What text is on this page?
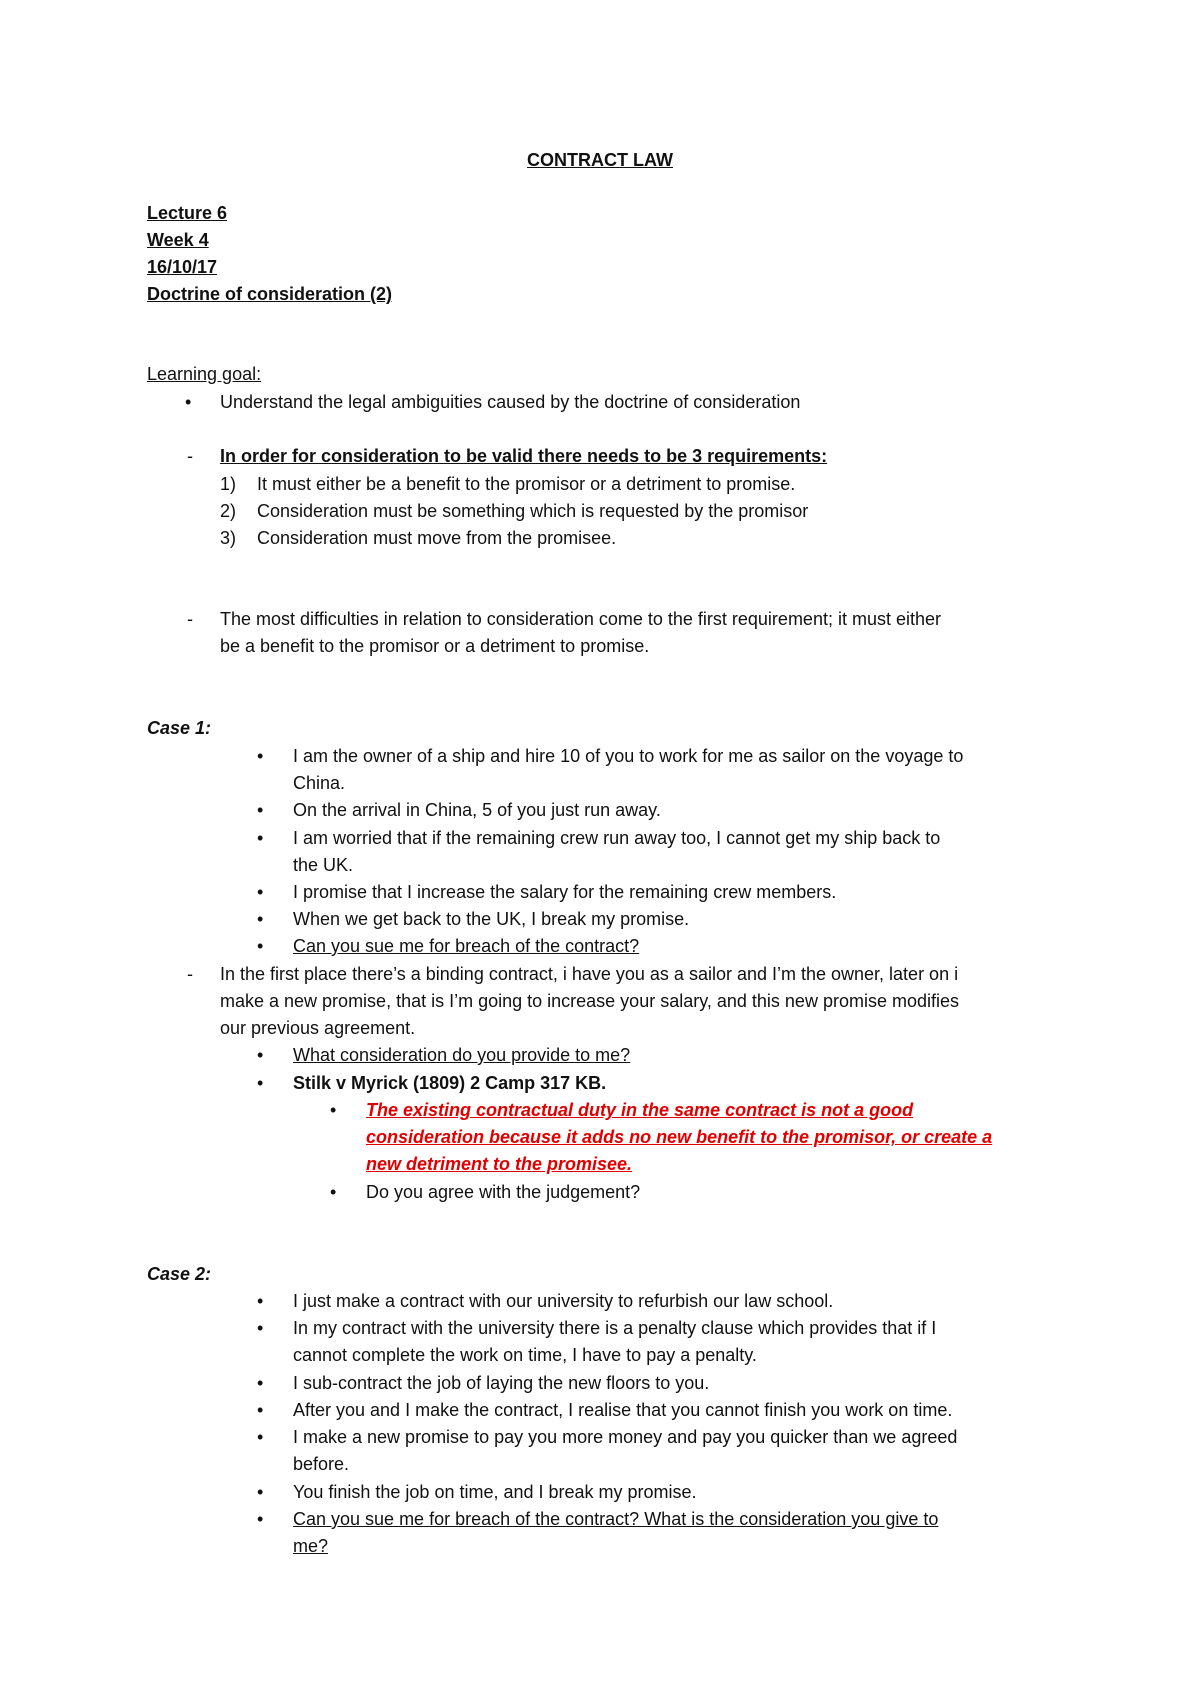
CONTRACT LAW
Lecture 6
Week 4
16/10/17
Doctrine of consideration (2)
Learning goal:
• Understand the legal ambiguities caused by the doctrine of consideration
- In order for consideration to be valid there needs to be 3 requirements:
1) It must either be a benefit to the promisor or a detriment to promise.
2) Consideration must be something which is requested by the promisor
3) Consideration must move from the promisee.
- The most difficulties in relation to consideration come to the first requirement; it must either
be a benefit to the promisor or a detriment to promise.
Case 1:
• I am the owner of a ship and hire 10 of you to work for me as sailor on the voyage to
China.
• On the arrival in China, 5 of you just run away.
• I am worried that if the remaining crew run away too, I cannot get my ship back to
the UK.
• I promise that I increase the salary for the remaining crew members.
• When we get back to the UK, I break my promise.
• Can you sue me for breach of the contract?
- In the first place there’s a binding contract, i have you as a sailor and I’m the owner, later on i
make a new promise, that is I’m going to increase your salary, and this new promise modifies
our previous agreement.
• What consideration do you provide to me?
• Stilk v Myrick (1809) 2 Camp 317 KB.
• The existing contractual duty in the same contract is not a good
consideration because it adds no new benefit to the promisor, or create a
new detriment to the promisee.
• Do you agree with the judgement?
Case 2:
• I just make a contract with our university to refurbish our law school.
• In my contract with the university there is a penalty clause which provides that if I
cannot complete the work on time, I have to pay a penalty.
• I sub-contract the job of laying the new floors to you.
• After you and I make the contract, I realise that you cannot finish you work on time.
• I make a new promise to pay you more money and pay you quicker than we agreed
before.
• You finish the job on time, and I break my promise.
• Can you sue me for breach of the contract? What is the consideration you give to
me?
